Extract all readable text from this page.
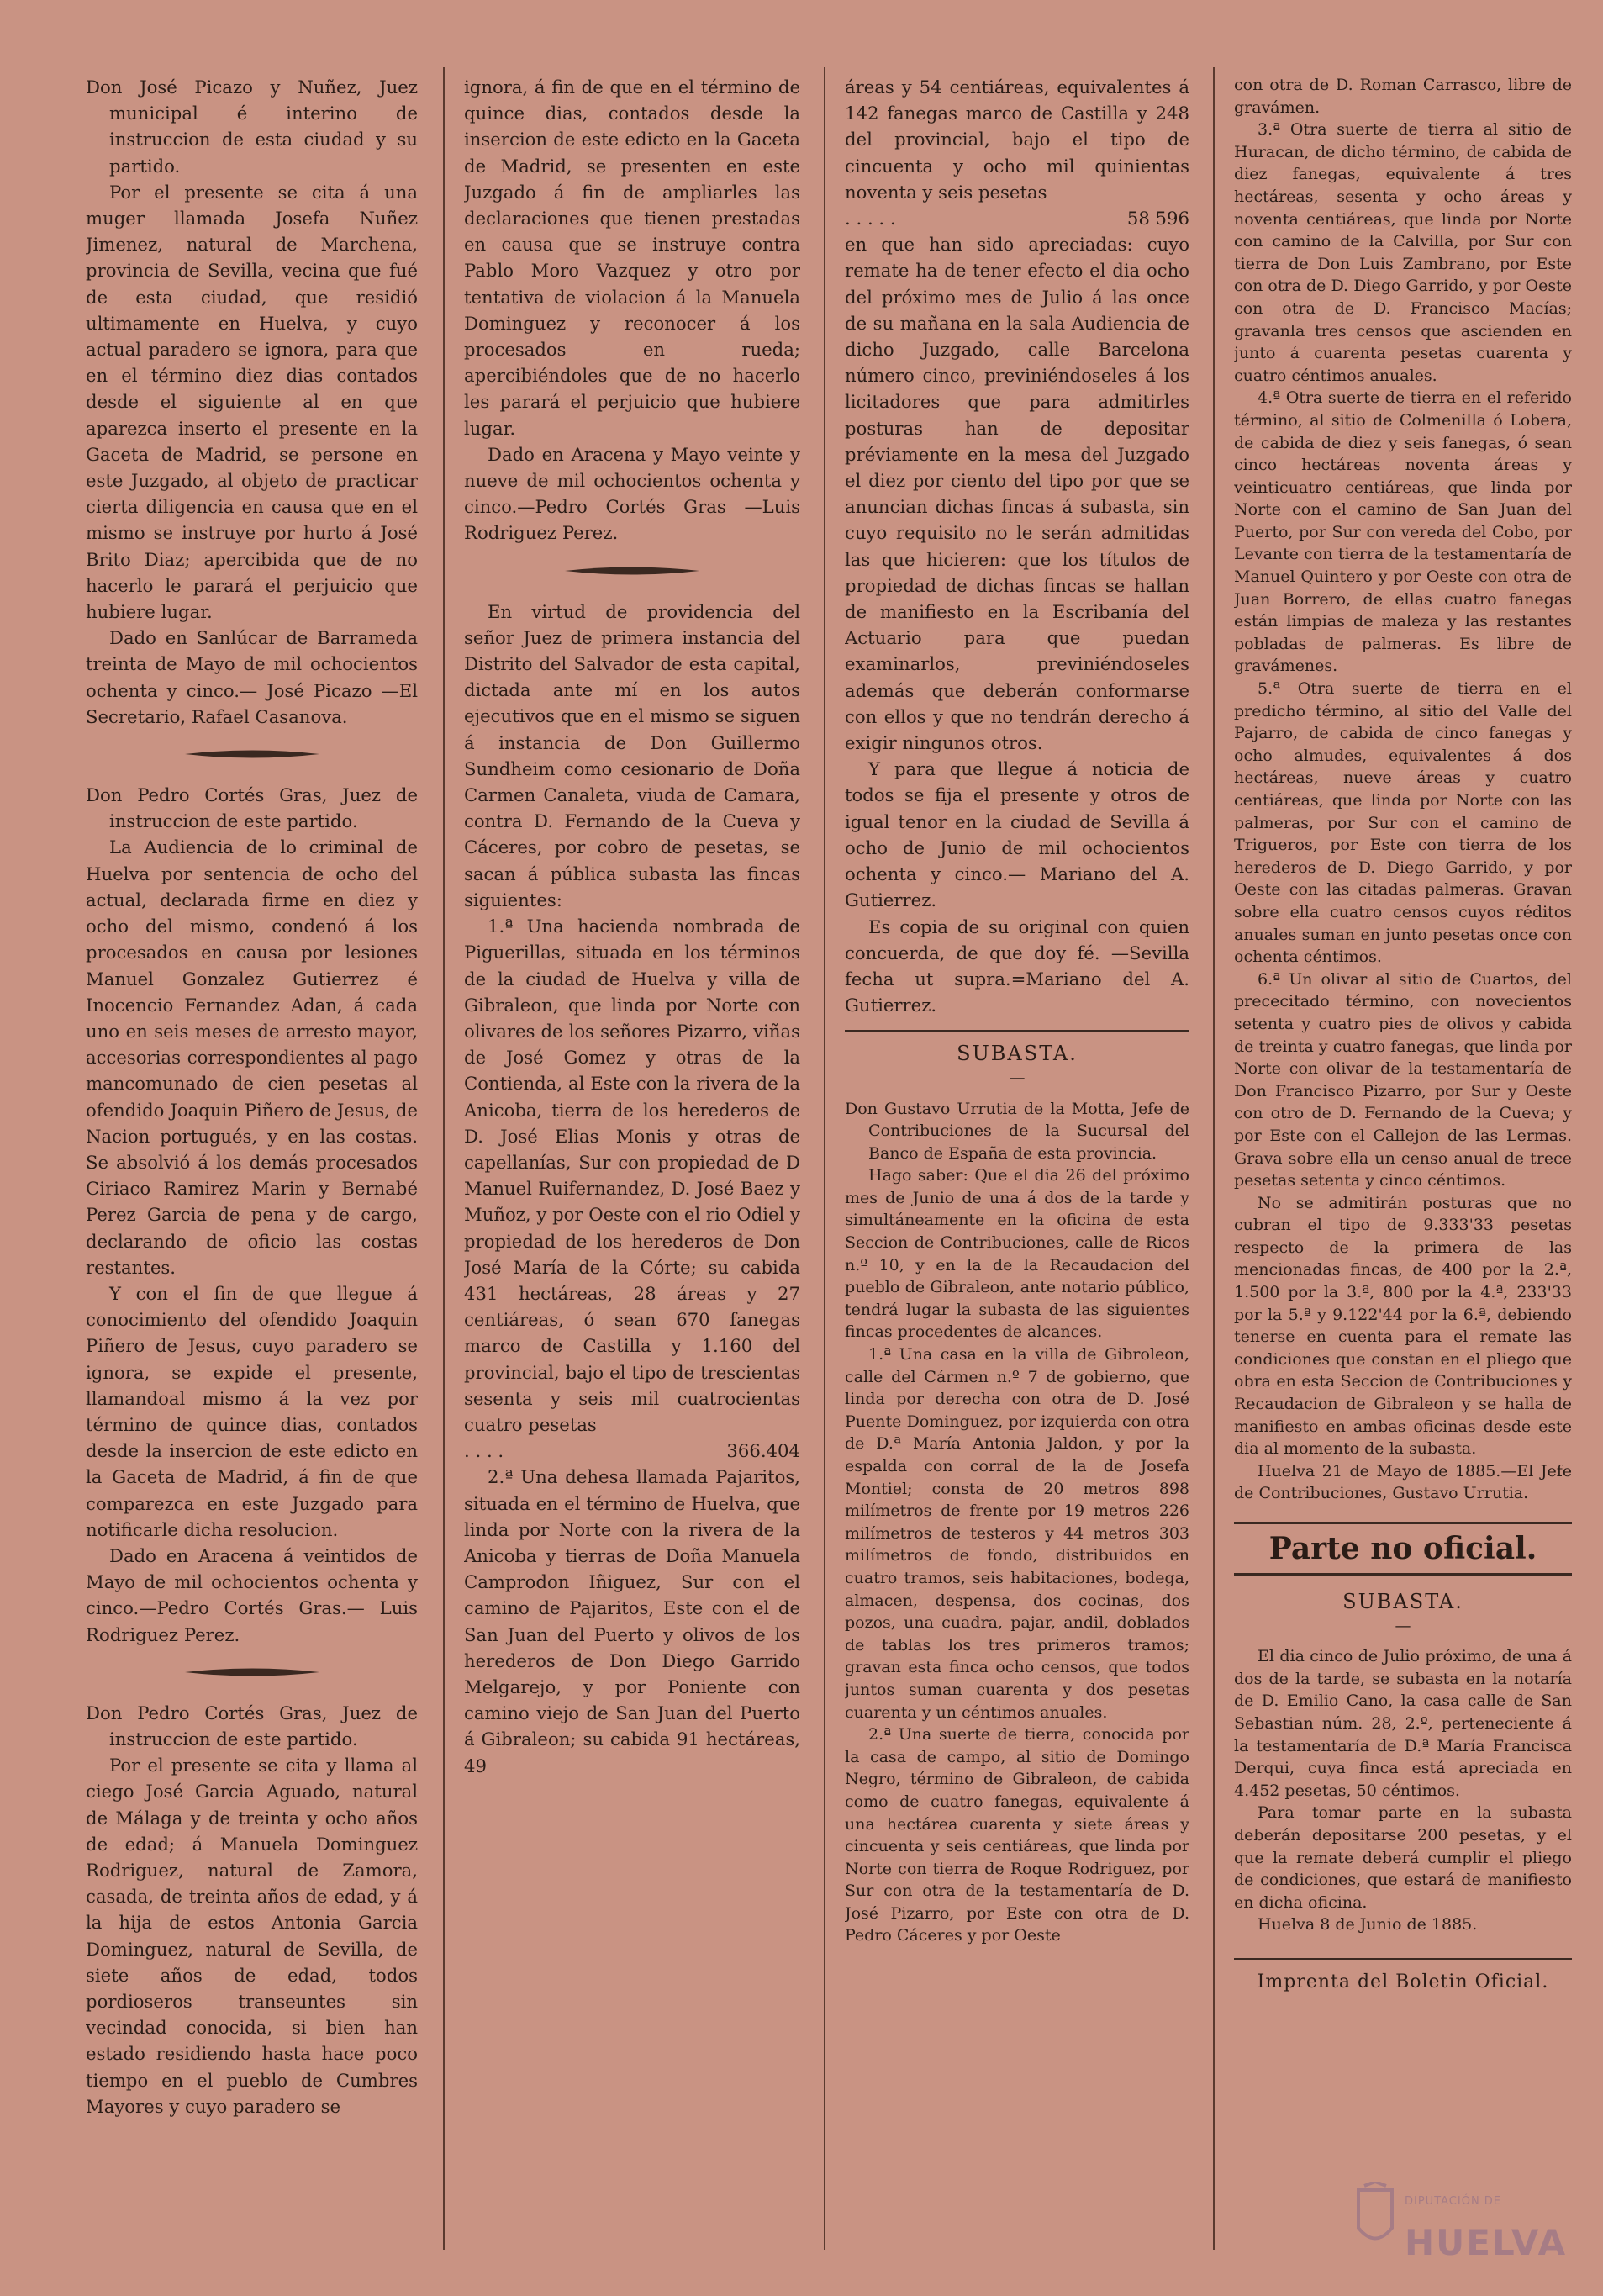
Don José Picazo y Nuñez, Juez municipal é interino de instruccion de esta ciudad y su partido.

Por el presente se cita á una muger llamada Josefa Nuñez Jimenez, natural de Marchena, provincia de Sevilla, vecina que fué de esta ciudad, que residió ultimamente en Huelva, y cuyo actual paradero se ignora, para que en el término diez dias contados desde el siguiente al en que aparezca inserto el presente en la Gaceta de Madrid, se persone en este Juzgado, al objeto de practicar cierta diligencia en causa que en el mismo se instruye por hurto á José Brito Diaz; apercibida que de no hacerlo le parará el perjuicio que hubiere lugar.

Dado en Sanlúcar de Barrameda treinta de Mayo de mil ochocientos ochenta y cinco.— José Picazo —El Secretario, Rafael Casanova.

Don Pedro Cortés Gras, Juez de instruccion de este partido.

La Audiencia de lo criminal de Huelva por sentencia de ocho del actual, declarada firme en diez y ocho del mismo, condenó á los procesados en causa por lesiones Manuel Gonzalez Gutierrez é Inocencio Fernandez Adan, á cada uno en seis meses de arresto mayor, accesorias correspondientes al pago mancomunado de cien pesetas al ofendido Joaquin Piñero de Jesus, de Nacion portugués, y en las costas. Se absolvió á los demás procesados Ciriaco Ramirez Marin y Bernabé Perez Garcia de pena y de cargo, declarando de oficio las costas restantes.

Y con el fin de que llegue á conocimiento del ofendido Joaquin Piñero de Jesus, cuyo paradero se ignora, se expide el presente, llamandoal mismo á la vez por término de quince dias, contados desde la insercion de este edicto en la Gaceta de Madrid, á fin de que comparezca en este Juzgado para notificarle dicha resolucion.

Dado en Aracena á veintidos de Mayo de mil ochocientos ochenta y cinco.—Pedro Cortés Gras.— Luis Rodriguez Perez.

Don Pedro Cortés Gras, Juez de instruccion de este partido.

Por el presente se cita y llama al ciego José Garcia Aguado, natural de Málaga y de treinta y ocho años de edad; á Manuela Dominguez Rodriguez, natural de Zamora, casada, de treinta años de edad, y á la hija de estos Antonia Garcia Dominguez, natural de Sevilla, de siete años de edad, todos pordioseros transeuntes sin vecindad conocida, si bien han estado residiendo hasta hace poco tiempo en el pueblo de Cumbres Mayores y cuyo paradero se

ignora, á fin de que en el término de quince dias, contados desde la insercion de este edicto en la Gaceta de Madrid, se presenten en este Juzgado á fin de ampliarles las declaraciones que tienen prestadas en causa que se instruye contra Pablo Moro Vazquez y otro por tentativa de violacion á la Manuela Dominguez y reconocer á los procesados en rueda; apercibiéndoles que de no hacerlo les parará el perjuicio que hubiere lugar.

Dado en Aracena y Mayo veinte y nueve de mil ochocientos ochenta y cinco.—Pedro Cortés Gras —Luis Rodriguez Perez.

En virtud de providencia del señor Juez de primera instancia del Distrito del Salvador de esta capital, dictada ante mí en los autos ejecutivos que en el mismo se siguen á instancia de Don Guillermo Sundheim como cesionario de Doña Carmen Canaleta, viuda de Camara, contra D. Fernando de la Cueva y Cáceres, por cobro de pesetas, se sacan á pública subasta las fincas siguientes:

1.ª Una hacienda nombrada de Piguerillas, situada en los términos de la ciudad de Huelva y villa de Gibraleon, que linda por Norte con olivares de los señores Pizarro, viñas de José Gomez y otras de la Contienda, al Este con la rivera de la Anicoba, tierra de los herederos de D. José Elias Monis y otras de capellanías, Sur con propiedad de D Manuel Ruifernandez, D. José Baez y Muñoz, y por Oeste con el rio Odiel y propiedad de los herederos de Don José María de la Córte; su cabida 431 hectáreas, 28 áreas y 27 centiáreas, ó sean 670 fanegas marco de Castilla y 1.160 del provincial, bajo el tipo de trescientas sesenta y seis mil cuatrocientas cuatro pesetas

. . . .	366.404

2.ª Una dehesa llamada Pajaritos, situada en el término de Huelva, que linda por Norte con la rivera de la Anicoba y tierras de Doña Manuela Camprodon Iñiguez, Sur con el camino de Pajaritos, Este con el de San Juan del Puerto y olivos de los herederos de Don Diego Garrido Melgarejo, y por Poniente con camino viejo de San Juan del Puerto á Gibraleon; su cabida 91 hectáreas, 49

áreas y 54 centiáreas, equivalentes á 142 fanegas marco de Castilla y 248 del provincial, bajo el tipo de cincuenta y ocho mil quinientas noventa y seis pesetas

. . . . .	58 596

en que han sido apreciadas: cuyo remate ha de tener efecto el dia ocho del próximo mes de Julio á las once de su mañana en la sala Audiencia de dicho Juzgado, calle Barcelona número cinco, previniéndoseles á los licitadores que para admitirles posturas han de depositar préviamente en la mesa del Juzgado el diez por ciento del tipo por que se anuncian dichas fincas á subasta, sin cuyo requisito no le serán admitidas las que hicieren: que los títulos de propiedad de dichas fincas se hallan de manifiesto en la Escribanía del Actuario para que puedan examinarlos, previniéndoseles además que deberán conformarse con ellos y que no tendrán derecho á exigir ningunos otros.

Y para que llegue á noticia de todos se fija el presente y otros de igual tenor en la ciudad de Sevilla á ocho de Junio de mil ochocientos ochenta y cinco.— Mariano del A. Gutierrez.

Es copia de su original con quien concuerda, de que doy fé. —Sevilla fecha ut supra.=Mariano del A. Gutierrez.

SUBASTA.
—

Don Gustavo Urrutia de la Motta, Jefe de Contribuciones de la Sucursal del Banco de España de esta provincia.

Hago saber: Que el dia 26 del próximo mes de Junio de una á dos de la tarde y simultáneamente en la oficina de esta Seccion de Contribuciones, calle de Ricos n.º 10, y en la de la Recaudacion del pueblo de Gibraleon, ante notario público, tendrá lugar la subasta de las siguientes fincas procedentes de alcances.

1.ª Una casa en la villa de Gibroleon, calle del Cármen n.º 7 de gobierno, que linda por derecha con otra de D. José Puente Dominguez, por izquierda con otra de D.ª María Antonia Jaldon, y por la espalda con corral de la de Josefa Montiel; consta de 20 metros 898 milímetros de frente por 19 metros 226 milímetros de testeros y 44 metros 303 milímetros de fondo, distribuidos en cuatro tramos, seis habitaciones, bodega, almacen, despensa, dos cocinas, dos pozos, una cuadra, pajar, andil, doblados de tablas los tres primeros tramos; gravan esta finca ocho censos, que todos juntos suman cuarenta y dos pesetas cuarenta y un céntimos anuales.

2.ª Una suerte de tierra, conocida por la casa de campo, al sitio de Domingo Negro, término de Gibraleon, de cabida como de cuatro fanegas, equivalente á una hectárea cuarenta y siete áreas y cincuenta y seis centiáreas, que linda por Norte con tierra de Roque Rodriguez, por Sur con otra de la testamentaría de D. José Pizarro, por Este con otra de D. Pedro Cáceres y por Oeste

con otra de D. Roman Carrasco, libre de gravámen.

3.ª Otra suerte de tierra al sitio de Huracan, de dicho término, de cabida de diez fanegas, equivalente á tres hectáreas, sesenta y ocho áreas y noventa centiáreas, que linda por Norte con camino de la Calvilla, por Sur con tierra de Don Luis Zambrano, por Este con otra de D. Diego Garrido, y por Oeste con otra de D. Francisco Macías; gravanla tres censos que ascienden en junto á cuarenta pesetas cuarenta y cuatro céntimos anuales.

4.ª Otra suerte de tierra en el referido término, al sitio de Colmenilla ó Lobera, de cabida de diez y seis fanegas, ó sean cinco hectáreas noventa áreas y veinticuatro centiáreas, que linda por Norte con el camino de San Juan del Puerto, por Sur con vereda del Cobo, por Levante con tierra de la testamentaría de Manuel Quintero y por Oeste con otra de Juan Borrero, de ellas cuatro fanegas están limpias de maleza y las restantes pobladas de palmeras. Es libre de gravámenes.

5.ª Otra suerte de tierra en el predicho término, al sitio del Valle del Pajarro, de cabida de cinco fanegas y ocho almudes, equivalentes á dos hectáreas, nueve áreas y cuatro centiáreas, que linda por Norte con las palmeras, por Sur con el camino de Trigueros, por Este con tierra de los herederos de D. Diego Garrido, y por Oeste con las citadas palmeras. Gravan sobre ella cuatro censos cuyos réditos anuales suman en junto pesetas once con ochenta céntimos.

6.ª Un olivar al sitio de Cuartos, del prececitado término, con novecientos setenta y cuatro pies de olivos y cabida de treinta y cuatro fanegas, que linda por Norte con olivar de la testamentaría de Don Francisco Pizarro, por Sur y Oeste con otro de D. Fernando de la Cueva; y por Este con el Callejon de las Lermas. Grava sobre ella un censo anual de trece pesetas setenta y cinco céntimos.

No se admitirán posturas que no cubran el tipo de 9.333'33 pesetas respecto de la primera de las mencionadas fincas, de 400 por la 2.ª, 1.500 por la 3.ª, 800 por la 4.ª, 233'33 por la 5.ª y 9.122'44 por la 6.ª, debiendo tenerse en cuenta para el remate las condiciones que constan en el pliego que obra en esta Seccion de Contribuciones y Recaudacion de Gibraleon y se halla de manifiesto en ambas oficinas desde este dia al momento de la subasta.

Huelva 21 de Mayo de 1885.—El Jefe de Contribuciones, Gustavo Urrutia.

Parte no oficial.
SUBASTA.
—

El dia cinco de Julio próximo, de una á dos de la tarde, se subasta en la notaría de D. Emilio Cano, la casa calle de San Sebastian núm. 28, 2.º, perteneciente á la testamentaría de D.ª María Francisca Derqui, cuya finca está apreciada en 4.452 pesetas, 50 céntimos.

Para tomar parte en la subasta deberán depositarse 200 pesetas, y el que la remate deberá cumplir el pliego de condiciones, que estará de manifiesto en dicha oficina.

Huelva 8 de Junio de 1885.

Imprenta del Boletin Oficial.
DIPUTACIÓN DE
HUELVA
